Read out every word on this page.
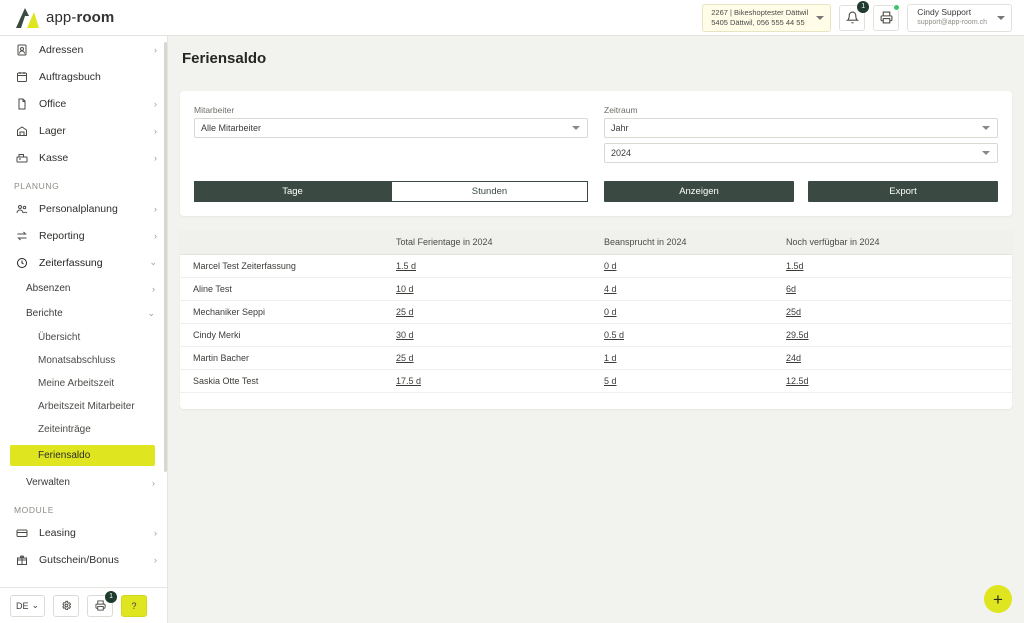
app-room	2267 | Bikeshoptester Dättwil
5405 Dättwil, 056 555 44 55
1
Cindy Support
support@app-room.ch
Adressen	›
Auftragsbuch
Office	›
Lager	›
Kasse	›
PLANUNG
Personalplanung	›
Reporting	›
Zeiterfassung	⌄
Absenzen	›
Berichte	⌄
Übersicht
Monatsabschluss
Meine Arbeitszeit
Arbeitszeit Mitarbeiter
Zeiteinträge
Feriensaldo
Verwalten	›
MODULE
Leasing	›
Gutschein/Bonus	›
DE ⌄
1
?
Feriensaldo
Mitarbeiter
Alle Mitarbeiter
Zeitraum
Jahr
2024
Tage	Stunden	Anzeigen	Export
	Total Ferientage in 2024	Beansprucht in 2024	Noch verfügbar in 2024
Marcel Test Zeiterfassung	1.5 d	0 d	1.5d
Aline Test	10 d	4 d	6d
Mechaniker Seppi	25 d	0 d	25d
Cindy Merki	30 d	0.5 d	29.5d
Martin Bacher	25 d	1 d	24d
Saskia Otte Test	17.5 d	5 d	12.5d
+
